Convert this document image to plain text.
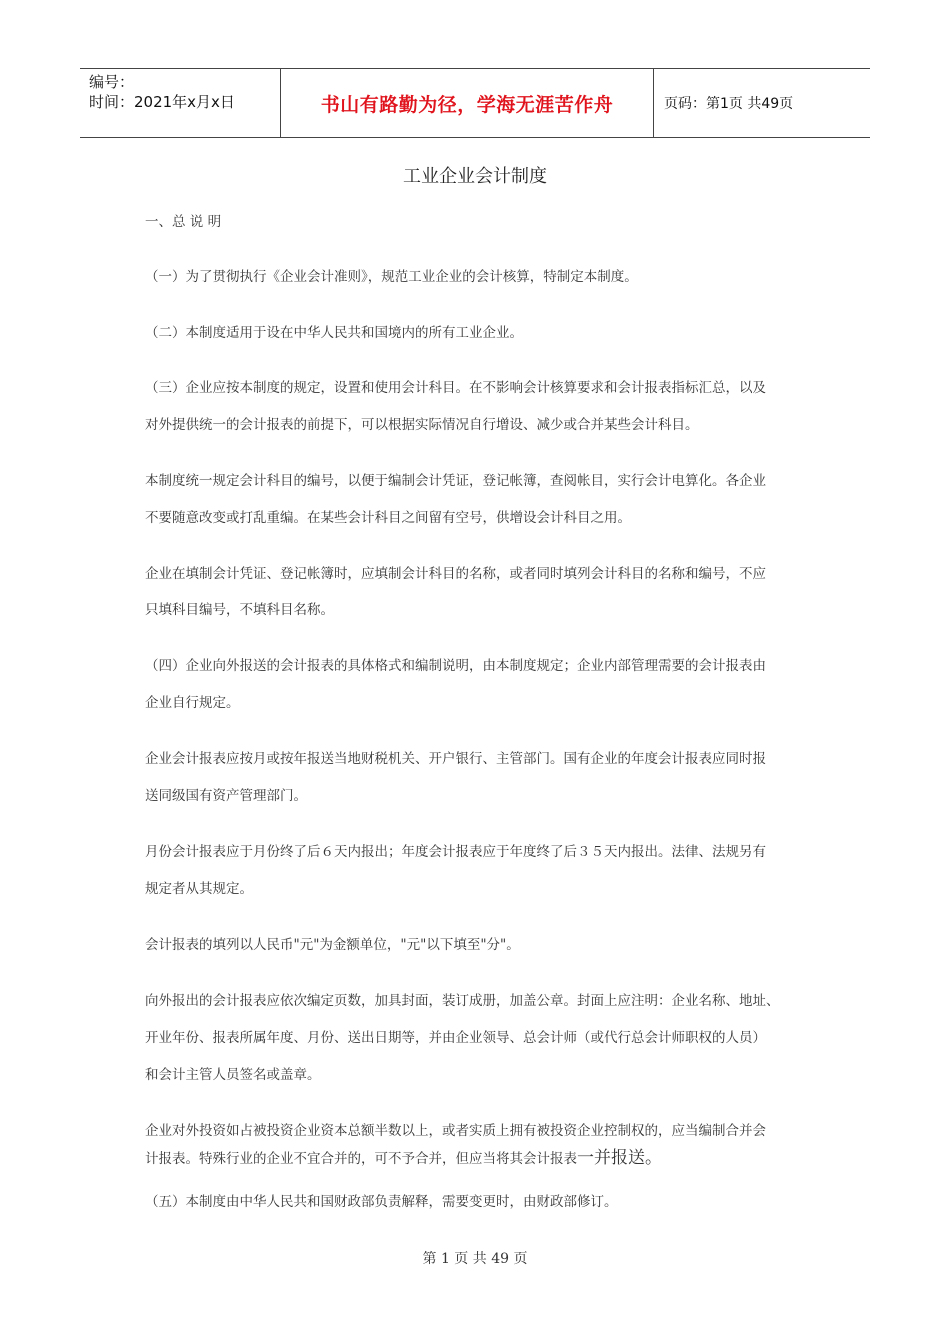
编号：
时间：2021年x月x日	书山有路勤为径，学海无涯苦作舟	页码：第1页 共49页
工业企业会计制度
一、总 说 明
（一）为了贯彻执行《企业会计准则》，规范工业企业的会计核算，特制定本制度。
（二）本制度适用于设在中华人民共和国境内的所有工业企业。
（三）企业应按本制度的规定，设置和使用会计科目。在不影响会计核算要求和会计报表指标汇总，以及
对外提供统一的会计报表的前提下，可以根据实际情况自行增设、减少或合并某些会计科目。
本制度统一规定会计科目的编号，以便于编制会计凭证，登记帐簿，查阅帐目，实行会计电算化。各企业
不要随意改变或打乱重编。在某些会计科目之间留有空号，供增设会计科目之用。
企业在填制会计凭证、登记帐簿时，应填制会计科目的名称，或者同时填列会计科目的名称和编号，不应
只填科目编号，不填科目名称。
（四）企业向外报送的会计报表的具体格式和编制说明，由本制度规定；企业内部管理需要的会计报表由
企业自行规定。
企业会计报表应按月或按年报送当地财税机关、开户银行、主管部门。国有企业的年度会计报表应同时报
送同级国有资产管理部门。
月份会计报表应于月份终了后６天内报出；年度会计报表应于年度终了后３５天内报出。法律、法规另有
规定者从其规定。
会计报表的填列以人民币"元"为金额单位，"元"以下填至"分"。
向外报出的会计报表应依次编定页数，加具封面，装订成册，加盖公章。封面上应注明：企业名称、地址、
开业年份、报表所属年度、月份、送出日期等，并由企业领导、总会计师（或代行总会计师职权的人员）
和会计主管人员签名或盖章。
企业对外投资如占被投资企业资本总额半数以上，或者实质上拥有被投资企业控制权的，应当编制合并会
计报表。特殊行业的企业不宜合并的，可不予合并，但应当将其会计报表一并报送。
（五）本制度由中华人民共和国财政部负责解释，需要变更时，由财政部修订。
第 1 页 共 49 页
